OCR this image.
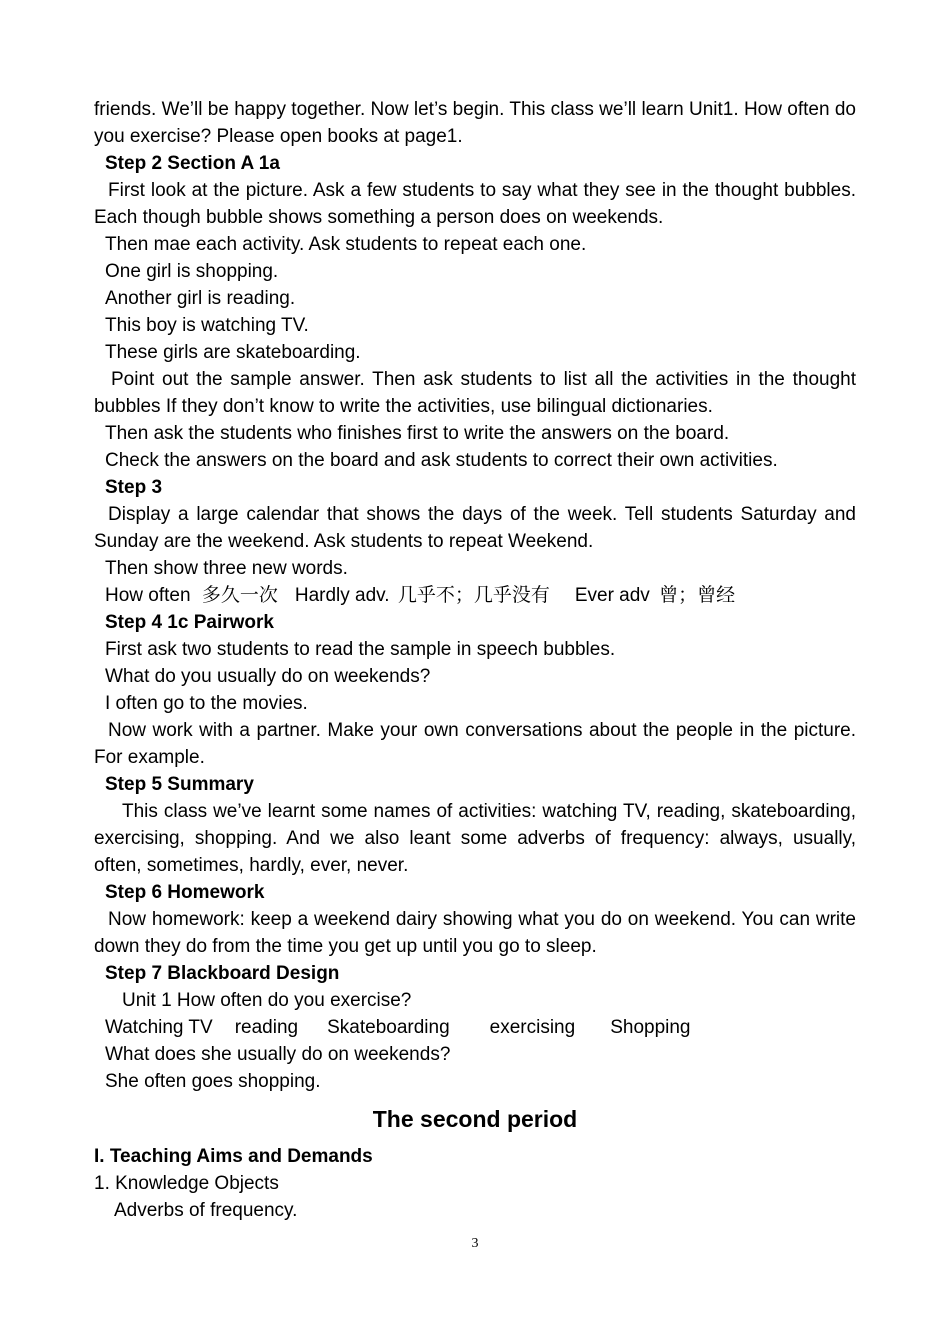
friends. We’ll be happy together. Now let’s begin. This class we’ll learn Unit1. How often do you exercise? Please open books at page1.

Step 2 Section A 1a

First look at the picture. Ask a few students to say what they see in the thought bubbles. Each though bubble shows something a person does on weekends.

Then mae each activity. Ask students to repeat each one.

One girl is shopping.

Another girl is reading.

This boy is watching TV.

These girls are skateboarding.

Point out the sample answer. Then ask students to list all the activities in the thought bubbles If they don’t know to write the activities, use bilingual dictionaries.

Then ask the students who finishes first to write the answers on the board.

Check the answers on the board and ask students to correct their own activities.

Step 3

Display a large calendar that shows the days of the week. Tell students Saturday and Sunday are the weekend. Ask students to repeat Weekend.

Then show three new words.

How often 多久一次 Hardly adv. 几乎不；几乎没有 Ever adv 曾；曾经

Step 4 1c Pairwork

First ask two students to read the sample in speech bubbles.

What do you usually do on weekends?

I often go to the movies.

Now work with a partner. Make your own conversations about the people in the picture. For example.

Step 5 Summary

This class we’ve learnt some names of activities: watching TV, reading, skateboarding, exercising, shopping. And we also leant some adverbs of frequency: always, usually, often, sometimes, hardly, ever, never.

Step 6 Homework

Now homework: keep a weekend dairy showing what you do on weekend. You can write down they do from the time you get up until you go to sleep.

Step 7 Blackboard Design

Unit 1 How often do you exercise?

Watching TV reading Skateboarding exercising Shopping

What does she usually do on weekends?

She often goes shopping.

The second period

I. Teaching Aims and Demands

1. Knowledge Objects

Adverbs of frequency.

3
